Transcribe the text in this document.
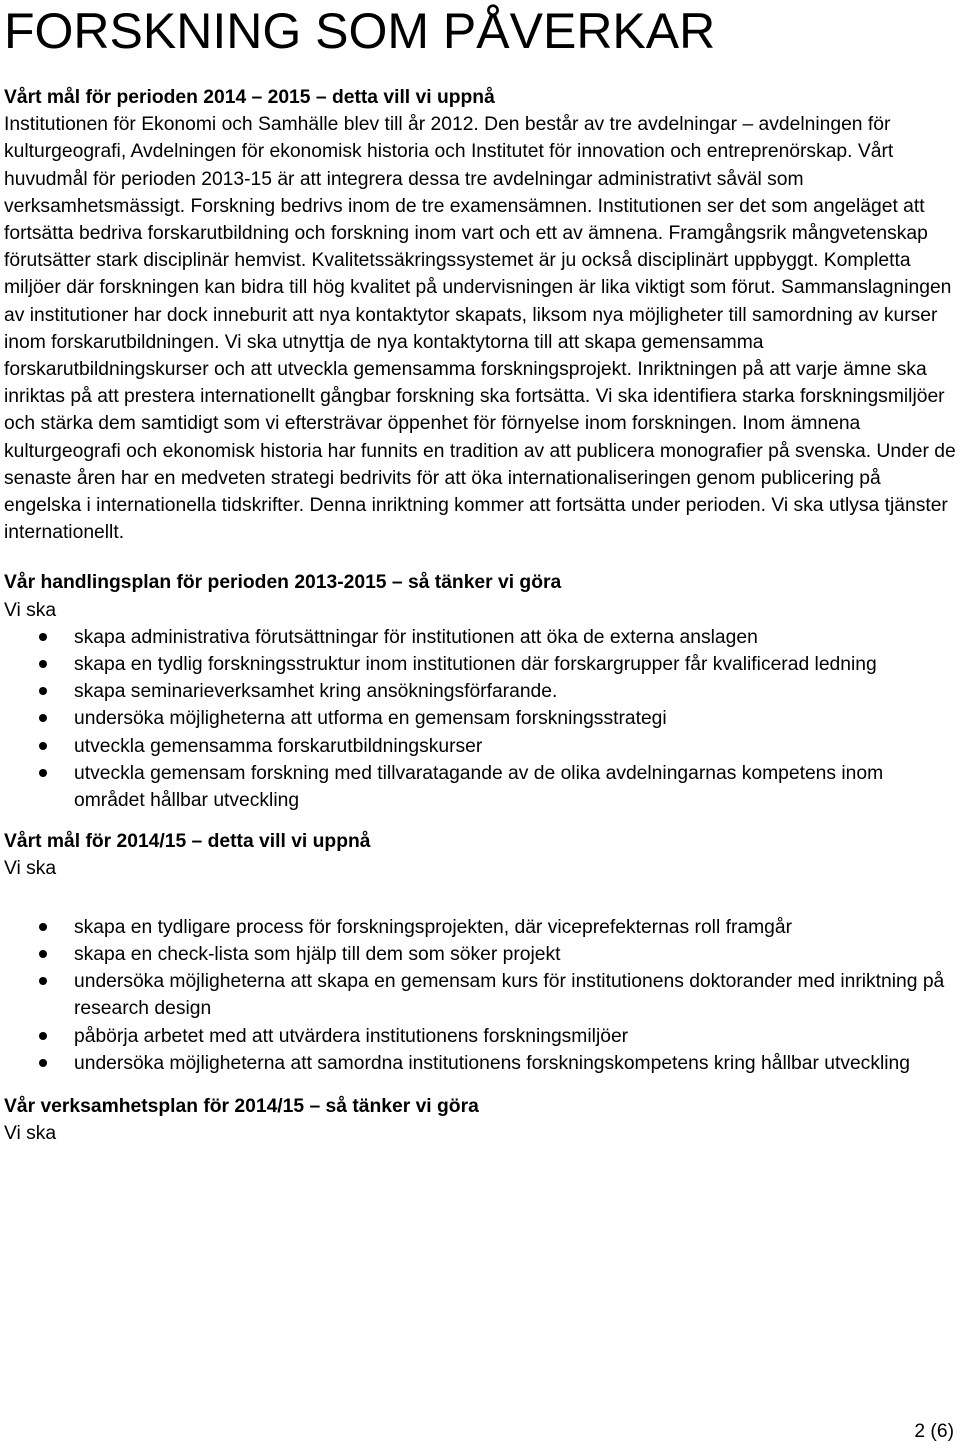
FORSKNING SOM PÅVERKAR

Vårt mål för perioden 2014 – 2015 – detta vill vi uppnå

Institutionen för Ekonomi och Samhälle blev till år 2012. Den består av tre avdelningar – avdelningen för kulturgeografi, Avdelningen för ekonomisk historia och Institutet för innovation och entreprenörskap. Vårt huvudmål för perioden 2013-15 är att integrera dessa tre avdelningar administrativt såväl som verksamhetsmässigt. Forskning bedrivs inom de tre examensämnen. Institutionen ser det som angeläget att fortsätta bedriva forskarutbildning och forskning inom vart och ett av ämnena. Framgångsrik mångvetenskap förutsätter stark disciplinär hemvist. Kvalitetssäkringssystemet är ju också disciplinärt uppbyggt. Kompletta miljöer där forskningen kan bidra till hög kvalitet på undervisningen är lika viktigt som förut. Sammanslagningen av institutioner har dock inneburit att nya kontaktytor skapats, liksom nya möjligheter till samordning av kurser inom forskarutbildningen. Vi ska utnyttja de nya kontaktytorna till att skapa gemensamma forskarutbildningskurser och att utveckla gemensamma forskningsprojekt. Inriktningen på att varje ämne ska inriktas på att prestera internationellt gångbar forskning ska fortsätta. Vi ska identifiera starka forskningsmiljöer och stärka dem samtidigt som vi eftersträvar öppenhet för förnyelse inom forskningen. Inom ämnena kulturgeografi och ekonomisk historia har funnits en tradition av att publicera monografier på svenska. Under de senaste åren har en medveten strategi bedrivits för att öka internationaliseringen genom publicering på engelska i internationella tidskrifter. Denna inriktning kommer att fortsätta under perioden. Vi ska utlysa tjänster internationellt.

Vår handlingsplan för perioden 2013-2015 – så tänker vi göra

Vi ska

skapa administrativa förutsättningar för institutionen att öka de externa anslagen
skapa en tydlig forskningsstruktur inom institutionen där forskargrupper får kvalificerad ledning
skapa seminarieverksamhet kring ansökningsförfarande.
undersöka möjligheterna att utforma en gemensam forskningsstrategi
utveckla gemensamma forskarutbildningskurser
utveckla gemensam forskning med tillvaratagande av de olika avdelningarnas kompetens inom området hållbar utveckling

Vårt mål för 2014/15 – detta vill vi uppnå

Vi ska

skapa en tydligare process för forskningsprojekten, där viceprefekternas roll framgår
skapa en check-lista som hjälp till dem som söker projekt
undersöka möjligheterna att skapa en gemensam kurs för institutionens doktorander med inriktning på research design
påbörja arbetet med att utvärdera institutionens forskningsmiljöer
undersöka möjligheterna att samordna institutionens forskningskompetens kring hållbar utveckling

Vår verksamhetsplan för 2014/15 – så tänker vi göra

Vi ska

2 (6)
